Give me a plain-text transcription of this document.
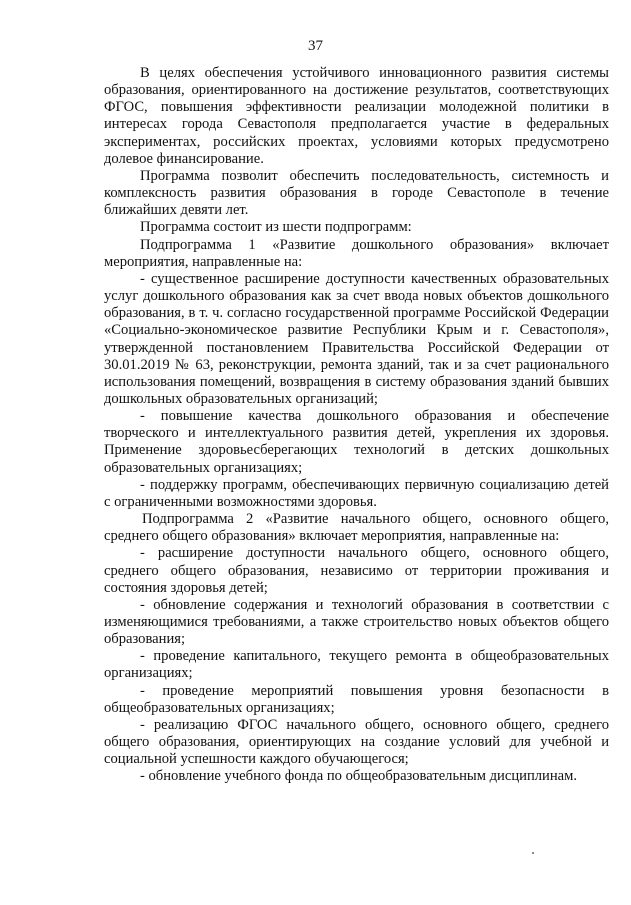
37

В целях обеспечения устойчивого инновационного развития системы образования, ориентированного на достижение результатов, соответствующих ФГОС, повышения эффективности реализации молодежной политики в интересах города Севастополя предполагается участие в федеральных экспериментах, российских проектах, условиями которых предусмотрено долевое финансирование.

Программа позволит обеспечить последовательность, системность и комплексность развития образования в городе Севастополе в течение ближайших девяти лет.

Программа состоит из шести подпрограмм:

Подпрограмма 1 «Развитие дошкольного образования» включает мероприятия, направленные на:

- существенное расширение доступности качественных образовательных услуг дошкольного образования как за счет ввода новых объектов дошкольного образования, в т. ч. согласно государственной программе Российской Федерации «Социально-экономическое развитие Республики Крым и г. Севастополя», утвержденной постановлением Правительства Российской Федерации от 30.01.2019 № 63, реконструкции, ремонта зданий, так и за счет рационального использования помещений, возвращения в систему образования зданий бывших дошкольных образовательных организаций;

- повышение качества дошкольного образования и обеспечение творческого и интеллектуального развития детей, укрепления их здоровья. Применение здоровьесберегающих технологий в детских дошкольных образовательных организациях;

- поддержку программ, обеспечивающих первичную социализацию детей с ограниченными возможностями здоровья.

Подпрограмма 2 «Развитие начального общего, основного общего, среднего общего образования» включает мероприятия, направленные на:

- расширение доступности начального общего, основного общего, среднего общего образования, независимо от территории проживания и состояния здоровья детей;

- обновление содержания и технологий образования в соответствии с изменяющимися требованиями, а также строительство новых объектов общего образования;

- проведение капитального, текущего ремонта в общеобразовательных организациях;

- проведение мероприятий повышения уровня безопасности в общеобразовательных организациях;

- реализацию ФГОС начального общего, основного общего, среднего общего образования, ориентирующих на создание условий для учебной и социальной успешности каждого обучающегося;

- обновление учебного фонда по общеобразовательным дисциплинам.
